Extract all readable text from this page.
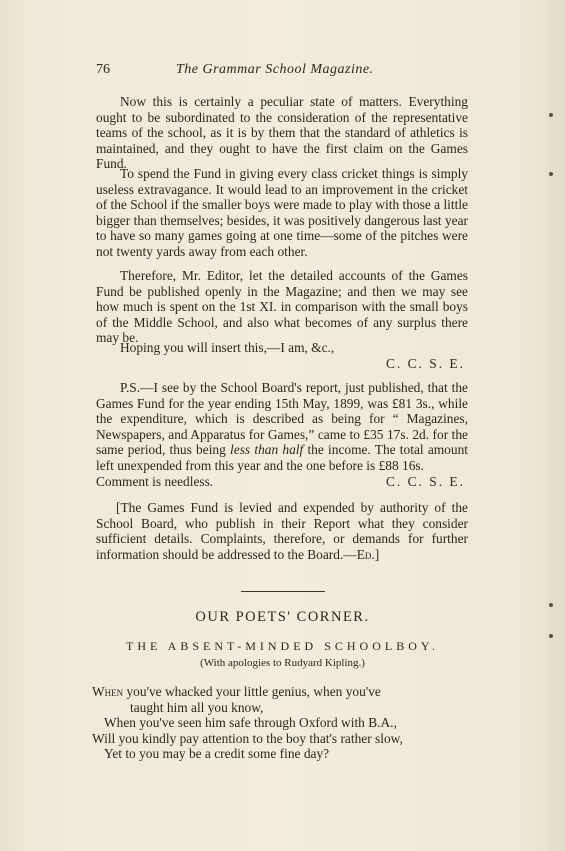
76	The Grammar School Magazine.
Now this is certainly a peculiar state of matters. Everything ought to be subordinated to the consideration of the representative teams of the school, as it is by them that the standard of athletics is maintained, and they ought to have the first claim on the Games Fund.
To spend the Fund in giving every class cricket things is simply useless extravagance. It would lead to an improvement in the cricket of the School if the smaller boys were made to play with those a little bigger than themselves; besides, it was positively dangerous last year to have so many games going at one time—some of the pitches were not twenty yards away from each other.
Therefore, Mr. Editor, let the detailed accounts of the Games Fund be published openly in the Magazine; and then we may see how much is spent on the 1st XI. in comparison with the small boys of the Middle School, and also what becomes of any surplus there may be.
Hoping you will insert this,—I am, &c.,
C. C. S. E.
P.S.—I see by the School Board's report, just published, that the Games Fund for the year ending 15th May, 1899, was £81 3s., while the expenditure, which is described as being for “ Magazines, Newspapers, and Apparatus for Games,” came to £35 17s. 2d. for the same period, thus being less than half the income. The total amount left unexpended from this year and the one before is £88 16s.
Comment is needless.	C. C. S. E.
[The Games Fund is levied and expended by authority of the School Board, who publish in their Report what they consider sufficient details. Complaints, therefore, or demands for further information should be addressed to the Board.—Ed.]
OUR POETS' CORNER.
THE ABSENT-MINDED SCHOOLBOY.
(With apologies to Rudyard Kipling.)
When you've whacked your little genius, when you've
taught him all you know,
When you've seen him safe through Oxford with B.A.,
Will you kindly pay attention to the boy that's rather slow,
Yet to you may be a credit some fine day?
